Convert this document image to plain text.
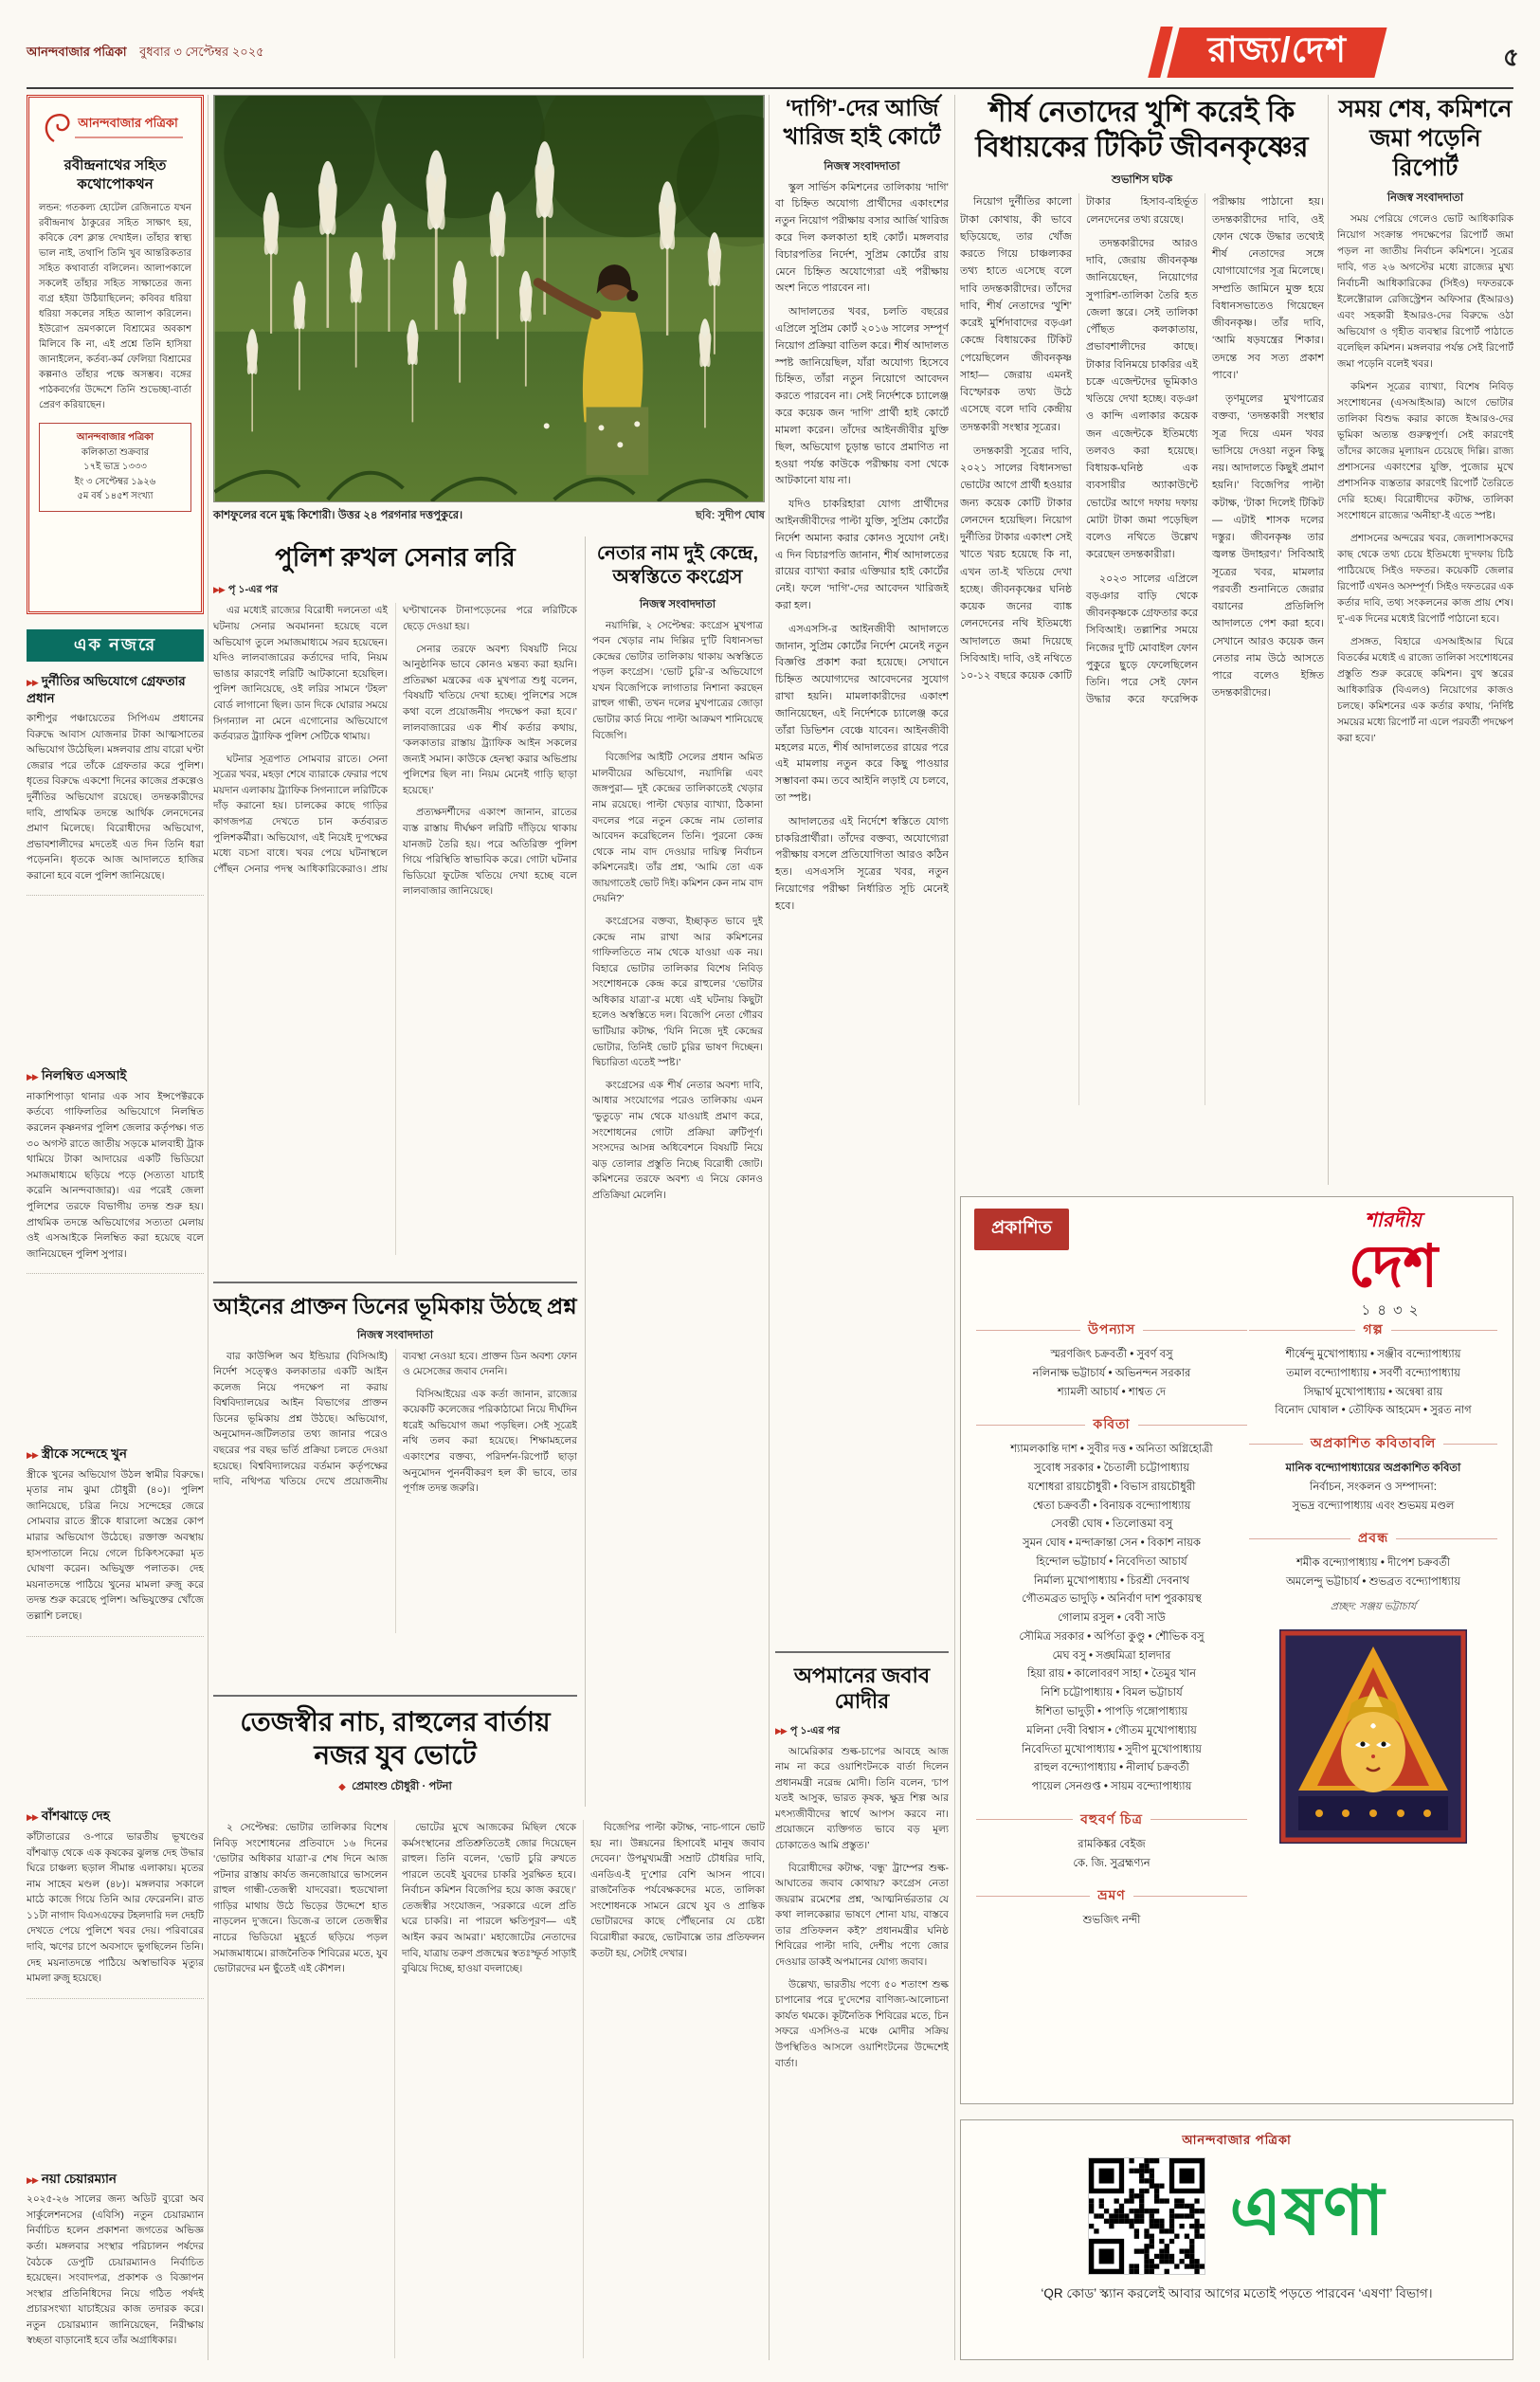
আনন্দবাজার পত্রিকা বুধবার ৩ সেপ্টেম্বর ২০২৫	রাজ্য/দেশ	৫
আনন্দবাজার পত্রিকা
রবীন্দ্রনাথের সহিত কথোপোকথন

লন্ডন: গতকল্য হোটেল রেজিনাতে যখন রবীন্দ্রনাথ ঠাকুরের সহিত সাক্ষাৎ হয়, কবিকে বেশ ক্লান্ত দেখাইল। তাঁহার স্বাস্থ্য ভাল নাই, তথাপি তিনি খুব আন্তরিকতার সহিত কথাবার্তা বলিলেন। আলাপকালে সকলেই তাঁহার সহিত সাক্ষাতের জন্য ব্যগ্র হইয়া উঠিয়াছিলেন; কবিবর ধরিয়া ধরিয়া সকলের সহিত আলাপ করিলেন। ইউরোপ ভ্রমণকালে বিশ্রামের অবকাশ মিলিবে কি না, এই প্রশ্নে তিনি হাসিয়া জানাইলেন, কর্তব্য-কর্ম ফেলিয়া বিশ্রামের কল্পনাও তাঁহার পক্ষে অসম্ভব। বঙ্গের পাঠকবর্গের উদ্দেশে তিনি শুভেচ্ছা-বার্তা প্রেরণ করিয়াছেন।

আনন্দবাজার পত্রিকা
কলিকাতা শুক্রবার
১৭ই ভাদ্র ১৩৩৩
ইং ৩ সেপ্টেম্বর ১৯২৬
৫ম বর্ষ ১৪৫শ সংখ্যা
এক নজরে
▶▶ দুর্নীতির অভিযোগে গ্রেফতার প্রধান

কাশীপুর পঞ্চায়েতের সিপিএম প্রধানের বিরুদ্ধে আবাস যোজনার টাকা আত্মসাতের অভিযোগ উঠেছিল। মঙ্গলবার প্রায় বারো ঘণ্টা জেরার পরে তাঁকে গ্রেফতার করে পুলিশ। ধৃতের বিরুদ্ধে একশো দিনের কাজের প্রকল্পেও দুর্নীতির অভিযোগ রয়েছে। তদন্তকারীদের দাবি, প্রাথমিক তদন্তে আর্থিক লেনদেনের প্রমাণ মিলেছে। বিরোধীদের অভিযোগ, প্রভাবশালীদের মদতেই এত দিন তিনি ধরা পড়েননি। ধৃতকে আজ আদালতে হাজির করানো হবে বলে পুলিশ জানিয়েছে।

▶▶ নিলম্বিত এসআই

নাকাশিপাড়া থানার এক সাব ইন্সপেক্টরকে কর্তব্যে গাফিলতির অভিযোগে নিলম্বিত করলেন কৃষ্ণনগর পুলিশ জেলার কর্তৃপক্ষ। গত ৩০ অগস্ট রাতে জাতীয় সড়কে মালবাহী ট্রাক থামিয়ে টাকা আদায়ের একটি ভিডিয়ো সমাজমাধ্যমে ছড়িয়ে পড়ে (সত্যতা যাচাই করেনি আনন্দবাজার)। এর পরেই জেলা পুলিশের তরফে বিভাগীয় তদন্ত শুরু হয়। প্রাথমিক তদন্তে অভিযোগের সত্যতা মেলায় ওই এসআইকে নিলম্বিত করা হয়েছে বলে জানিয়েছেন পুলিশ সুপার।

▶▶ স্ত্রীকে সন্দেহে খুন

স্ত্রীকে খুনের অভিযোগ উঠল স্বামীর বিরুদ্ধে। মৃতার নাম ঝুমা চৌধুরী (৪০)। পুলিশ জানিয়েছে, চরিত্র নিয়ে সন্দেহের জেরে সোমবার রাতে স্ত্রীকে ধারালো অস্ত্রের কোপ মারার অভিযোগ উঠেছে। রক্তাক্ত অবস্থায় হাসপাতালে নিয়ে গেলে চিকিৎসকেরা মৃত ঘোষণা করেন। অভিযুক্ত পলাতক। দেহ ময়নাতদন্তে পাঠিয়ে খুনের মামলা রুজু করে তদন্ত শুরু করেছে পুলিশ। অভিযুক্তের খোঁজে তল্লাশি চলছে।

▶▶ বাঁশঝাড়ে দেহ

কাঁটাতারের ও-পারে ভারতীয় ভূখণ্ডের বাঁশঝাড় থেকে এক কৃষকের ঝুলন্ত দেহ উদ্ধার ঘিরে চাঞ্চল্য ছড়াল সীমান্ত এলাকায়। মৃতের নাম সাহেব মণ্ডল (৪৮)। মঙ্গলবার সকালে মাঠে কাজে গিয়ে তিনি আর ফেরেননি। রাত ১১টা নাগাদ বিএসএফের টহলদারি দল দেহটি দেখতে পেয়ে পুলিশে খবর দেয়। পরিবারের দাবি, ঋণের চাপে অবসাদে ভুগছিলেন তিনি। দেহ ময়নাতদন্তে পাঠিয়ে অস্বাভাবিক মৃত্যুর মামলা রুজু হয়েছে।

▶▶ নয়া চেয়ারম্যান

২০২৫-২৬ সালের জন্য অডিট ব্যুরো অব সার্কুলেশনসের (এবিসি) নতুন চেয়ারম্যান নির্বাচিত হলেন প্রকাশনা জগতের অভিজ্ঞ কর্তা। মঙ্গলবার সংস্থার পরিচালন পর্ষদের বৈঠকে ডেপুটি চেয়ারম্যানও নির্বাচিত হয়েছেন। সংবাদপত্র, প্রকাশক ও বিজ্ঞাপন সংস্থার প্রতিনিধিদের নিয়ে গঠিত পর্ষদই প্রচারসংখ্যা যাচাইয়ের কাজ তদারক করে। নতুন চেয়ারম্যান জানিয়েছেন, নিরীক্ষায় স্বচ্ছতা বাড়ানোই হবে তাঁর অগ্রাধিকার।

কাশফুলের বনে মুগ্ধ কিশোরী। উত্তর ২৪ পরগনার দত্তপুকুরে।	ছবি: সুদীপ ঘোষ
পুলিশ রুখল সেনার লরি
▶▶ পৃ ১-এর পর
এর মধ্যেই রাজ্যের বিরোধী দলনেতা এই ঘটনায় সেনার অবমাননা হয়েছে বলে অভিযোগ তুলে সমাজমাধ্যমে সরব হয়েছেন। যদিও লালবাজারের কর্তাদের দাবি, নিয়ম ভাঙার কারণেই লরিটি আটকানো হয়েছিল। পুলিশ জানিয়েছে, ওই লরির সামনে ‘টহল’ বোর্ড লাগানো ছিল। ডান দিকে ঘোরার সময়ে সিগন্যাল না মেনে এগোনোর অভিযোগে কর্তব্যরত ট্র্যাফিক পুলিশ সেটিকে থামায়।
ঘটনার সূত্রপাত সোমবার রাতে। সেনা সূত্রের খবর, মহড়া শেষে ব্যারাকে ফেরার পথে ময়দান এলাকায় ট্র্যাফিক সিগন্যালে লরিটিকে দাঁড় করানো হয়। চালকের কাছে গাড়ির কাগজপত্র দেখতে চান কর্তব্যরত পুলিশকর্মীরা। অভিযোগ, এই নিয়েই দু’পক্ষের মধ্যে বচসা বাধে। খবর পেয়ে ঘটনাস্থলে পৌঁছন সেনার পদস্থ আধিকারিকেরাও। প্রায় ঘণ্টাখানেক টানাপড়েনের পরে লরিটিকে ছেড়ে দেওয়া হয়।
সেনার তরফে অবশ্য বিষয়টি নিয়ে আনুষ্ঠানিক ভাবে কোনও মন্তব্য করা হয়নি। প্রতিরক্ষা মন্ত্রকের এক মুখপাত্র শুধু বলেন, ‘বিষয়টি খতিয়ে দেখা হচ্ছে। পুলিশের সঙ্গে কথা বলে প্রয়োজনীয় পদক্ষেপ করা হবে।’ লালবাজারের এক শীর্ষ কর্তার কথায়, ‘কলকাতার রাস্তায় ট্র্যাফিক আইন সকলের জন্যই সমান। কাউকে হেনস্থা করার অভিপ্রায় পুলিশের ছিল না। নিয়ম মেনেই গাড়ি ছাড়া হয়েছে।’
প্রত্যক্ষদর্শীদের একাংশ জানান, রাতের ব্যস্ত রাস্তায় দীর্ঘক্ষণ লরিটি দাঁড়িয়ে থাকায় যানজট তৈরি হয়। পরে অতিরিক্ত পুলিশ গিয়ে পরিস্থিতি স্বাভাবিক করে। গোটা ঘটনার ভিডিয়ো ফুটেজ খতিয়ে দেখা হচ্ছে বলে লালবাজার জানিয়েছে।
আইনের প্রাক্তন ডিনের ভূমিকায় উঠছে প্রশ্ন
নিজস্ব সংবাদদাতা
বার কাউন্সিল অব ইন্ডিয়ার (বিসিআই) নির্দেশ সত্ত্বেও কলকাতার একটি আইন কলেজ নিয়ে পদক্ষেপ না করায় বিশ্ববিদ্যালয়ের আইন বিভাগের প্রাক্তন ডিনের ভূমিকায় প্রশ্ন উঠছে। অভিযোগ, অনুমোদন-জটিলতার তথ্য জানার পরেও বছরের পর বছর ভর্তি প্রক্রিয়া চলতে দেওয়া হয়েছে। বিশ্ববিদ্যালয়ের বর্তমান কর্তৃপক্ষের দাবি, নথিপত্র খতিয়ে দেখে প্রয়োজনীয় ব্যবস্থা নেওয়া হবে। প্রাক্তন ডিন অবশ্য ফোন ও মেসেজের জবাব দেননি।
বিসিআইয়ের এক কর্তা জানান, রাজ্যের কয়েকটি কলেজের পরিকাঠামো নিয়ে দীর্ঘদিন ধরেই অভিযোগ জমা পড়ছিল। সেই সূত্রেই নথি তলব করা হয়েছে। শিক্ষামহলের একাংশের বক্তব্য, পরিদর্শন-রিপোর্ট ছাড়া অনুমোদন পুনর্নবীকরণ হল কী ভাবে, তার পূর্ণাঙ্গ তদন্ত জরুরি।
তেজস্বীর নাচ, রাহুলের বার্তায় নজর যুব ভোটে
◆ প্রেমাংশু চৌধুরী · পটনা
২ সেপ্টেম্বর: ভোটার তালিকার বিশেষ নিবিড় সংশোধনের প্রতিবাদে ১৬ দিনের ‘ভোটার অধিকার যাত্রা’-র শেষ দিনে আজ পটনার রাস্তায় কার্যত জনজোয়ারে ভাসলেন রাহুল গান্ধী-তেজস্বী যাদবেরা। হুডখোলা গাড়ির মাথায় উঠে ভিড়ের উদ্দেশে হাত নাড়লেন দু’জনে। ডিজে-র তালে তেজস্বীর নাচের ভিডিয়ো মুহূর্তে ছড়িয়ে পড়ল সমাজমাধ্যমে। রাজনৈতিক শিবিরের মতে, যুব ভোটারদের মন ছুঁতেই এই কৌশল।
ভোটের মুখে আজকের মিছিল থেকে কর্মসংস্থানের প্রতিশ্রুতিতেই জোর দিয়েছেন রাহুল। তিনি বলেন, ‘ভোট চুরি রুখতে পারলে তবেই যুবদের চাকরি সুরক্ষিত হবে। নির্বাচন কমিশন বিজেপির হয়ে কাজ করছে।’ তেজস্বীর সংযোজন, ‘সরকারে এলে প্রতি ঘরে চাকরি। না পারলে ক্ষতিপূরণ— এই আইন করব আমরা।’ মহাজোটের নেতাদের দাবি, যাত্রায় তরুণ প্রজন্মের স্বতঃস্ফূর্ত সাড়াই বুঝিয়ে দিচ্ছে, হাওয়া বদলাচ্ছে।
বিজেপির পাল্টা কটাক্ষ, ‘নাচ-গানে ভোট হয় না। উন্নয়নের হিসাবেই মানুষ জবাব দেবেন।’ উপমুখ্যমন্ত্রী সম্রাট চৌধরির দাবি, এনডিএ-ই দু’শোর বেশি আসন পাবে। রাজনৈতিক পর্যবেক্ষকদের মতে, তালিকা সংশোধনকে সামনে রেখে যুব ও প্রান্তিক ভোটারদের কাছে পৌঁছনোর যে চেষ্টা বিরোধীরা করছে, ভোটবাক্সে তার প্রতিফলন কতটা হয়, সেটাই দেখার।
নেতার নাম দুই কেন্দ্রে, অস্বস্তিতে কংগ্রেস
নিজস্ব সংবাদদাতা
নয়াদিল্লি, ২ সেপ্টেম্বর: কংগ্রেস মুখপাত্র পবন খেড়ার নাম দিল্লির দু’টি বিধানসভা কেন্দ্রের ভোটার তালিকায় থাকায় অস্বস্তিতে পড়ল কংগ্রেস। ‘ভোট চুরি’-র অভিযোগে যখন বিজেপিকে লাগাতার নিশানা করছেন রাহুল গান্ধী, তখন দলের মুখপাত্রের জোড়া ভোটার কার্ড নিয়ে পাল্টা আক্রমণ শানিয়েছে বিজেপি।
বিজেপির আইটি সেলের প্রধান অমিত মালবীয়ের অভিযোগ, নয়াদিল্লি এবং জঙ্গপুরা— দুই কেন্দ্রের তালিকাতেই খেড়ার নাম রয়েছে। পাল্টা খেড়ার ব্যাখ্যা, ঠিকানা বদলের পরে নতুন কেন্দ্রে নাম তোলার আবেদন করেছিলেন তিনি। পুরনো কেন্দ্র থেকে নাম বাদ দেওয়ার দায়িত্ব নির্বাচন কমিশনেরই। তাঁর প্রশ্ন, ‘আমি তো এক জায়গাতেই ভোট দিই। কমিশন কেন নাম বাদ দেয়নি?’
কংগ্রেসের বক্তব্য, ইচ্ছাকৃত ভাবে দুই কেন্দ্রে নাম রাখা আর কমিশনের গাফিলতিতে নাম থেকে যাওয়া এক নয়। বিহারে ভোটার তালিকার বিশেষ নিবিড় সংশোধনকে কেন্দ্র করে রাহুলের ‘ভোটার অধিকার যাত্রা’-র মধ্যে এই ঘটনায় কিছুটা হলেও অস্বস্তিতে দল। বিজেপি নেতা গৌরব ভাটিয়ার কটাক্ষ, ‘যিনি নিজে দুই কেন্দ্রের ভোটার, তিনিই ভোট চুরির ভাষণ দিচ্ছেন। দ্বিচারিতা এতেই স্পষ্ট।’
কংগ্রেসের এক শীর্ষ নেতার অবশ্য দাবি, আধার সংযোগের পরেও তালিকায় এমন ‘ভুতুড়ে’ নাম থেকে যাওয়াই প্রমাণ করে, সংশোধনের গোটা প্রক্রিয়া ত্রুটিপূর্ণ। সংসদের আসন্ন অধিবেশনে বিষয়টি নিয়ে ঝড় তোলার প্রস্তুতি নিচ্ছে বিরোধী জোট। কমিশনের তরফে অবশ্য এ নিয়ে কোনও প্রতিক্রিয়া মেলেনি।
‘দাগি’-দের আর্জি খারিজ হাই কোর্টে
নিজস্ব সংবাদদাতা
স্কুল সার্ভিস কমিশনের তালিকায় ‘দাগি’ বা চিহ্নিত অযোগ্য প্রার্থীদের একাংশের নতুন নিয়োগ পরীক্ষায় বসার আর্জি খারিজ করে দিল কলকাতা হাই কোর্ট। মঙ্গলবার বিচারপতির নির্দেশ, সুপ্রিম কোর্টের রায় মেনে চিহ্নিত অযোগ্যেরা এই পরীক্ষায় অংশ নিতে পারবেন না।
আদালতের খবর, চলতি বছরের এপ্রিলে সুপ্রিম কোর্ট ২০১৬ সালের সম্পূর্ণ নিয়োগ প্রক্রিয়া বাতিল করে। শীর্ষ আদালত স্পষ্ট জানিয়েছিল, যাঁরা অযোগ্য হিসেবে চিহ্নিত, তাঁরা নতুন নিয়োগে আবেদন করতে পারবেন না। সেই নির্দেশকে চ্যালেঞ্জ করে কয়েক জন ‘দাগি’ প্রার্থী হাই কোর্টে মামলা করেন। তাঁদের আইনজীবীর যুক্তি ছিল, অভিযোগ চূড়ান্ত ভাবে প্রমাণিত না হওয়া পর্যন্ত কাউকে পরীক্ষায় বসা থেকে আটকানো যায় না।
যদিও চাকরিহারা যোগ্য প্রার্থীদের আইনজীবীদের পাল্টা যুক্তি, সুপ্রিম কোর্টের নির্দেশ অমান্য করার কোনও সুযোগ নেই। এ দিন বিচারপতি জানান, শীর্ষ আদালতের রায়ের ব্যাখ্যা করার এক্তিয়ার হাই কোর্টের নেই। ফলে ‘দাগি’-দের আবেদন খারিজই করা হল।
এসএসসি-র আইনজীবী আদালতে জানান, সুপ্রিম কোর্টের নির্দেশ মেনেই নতুন বিজ্ঞপ্তি প্রকাশ করা হয়েছে। সেখানে চিহ্নিত অযোগ্যদের আবেদনের সুযোগ রাখা হয়নি। মামলাকারীদের একাংশ জানিয়েছেন, এই নির্দেশকে চ্যালেঞ্জ করে তাঁরা ডিভিশন বেঞ্চে যাবেন। আইনজীবী মহলের মতে, শীর্ষ আদালতের রায়ের পরে এই মামলায় নতুন করে কিছু পাওয়ার সম্ভাবনা কম। তবে আইনি লড়াই যে চলবে, তা স্পষ্ট।
আদালতের এই নির্দেশে স্বস্তিতে যোগ্য চাকরিপ্রার্থীরা। তাঁদের বক্তব্য, অযোগ্যেরা পরীক্ষায় বসলে প্রতিযোগিতা আরও কঠিন হত। এসএসসি সূত্রের খবর, নতুন নিয়োগের পরীক্ষা নির্ধারিত সূচি মেনেই হবে।
অপমানের জবাব মোদীর
▶▶ পৃ ১-এর পর
আমেরিকার শুল্ক-চাপের আবহে আজ নাম না করে ওয়াশিংটনকে বার্তা দিলেন প্রধানমন্ত্রী নরেন্দ্র মোদী। তিনি বলেন, ‘চাপ যতই আসুক, ভারত কৃষক, ক্ষুদ্র শিল্প আর মৎস্যজীবীদের স্বার্থে আপস করবে না। প্রয়োজনে ব্যক্তিগত ভাবে বড় মূল্য চোকাতেও আমি প্রস্তুত।’
বিরোধীদের কটাক্ষ, ‘বন্ধু’ ট্রাম্পের শুল্ক-আঘাতের জবাব কোথায়? কংগ্রেস নেতা জয়রাম রমেশের প্রশ্ন, ‘আত্মনির্ভরতার যে কথা লালকেল্লার ভাষণে শোনা যায়, বাস্তবে তার প্রতিফলন কই?’ প্রধানমন্ত্রীর ঘনিষ্ঠ শিবিরের পাল্টা দাবি, দেশীয় পণ্যে জোর দেওয়ার ডাকই অপমানের যোগ্য জবাব।
উল্লেখ্য, ভারতীয় পণ্যে ৫০ শতাংশ শুল্ক চাপানোর পরে দু’দেশের বাণিজ্য-আলোচনা কার্যত থমকে। কূটনৈতিক শিবিরের মতে, চিন সফরে এসসিও-র মঞ্চে মোদীর সক্রিয় উপস্থিতিও আসলে ওয়াশিংটনের উদ্দেশেই বার্তা।
শীর্ষ নেতাদের খুশি করেই কি বিধায়কের টিকিট জীবনকৃষ্ণের
শুভাশিস ঘটক
নিয়োগ দুর্নীতির কালো টাকা কোথায়, কী ভাবে ছড়িয়েছে, তার খোঁজ করতে গিয়ে চাঞ্চল্যকর তথ্য হাতে এসেছে বলে দাবি তদন্তকারীদের। তাঁদের দাবি, শীর্ষ নেতাদের ‘খুশি’ করেই মুর্শিদাবাদের বড়ঞা কেন্দ্রে বিধায়কের টিকিট পেয়েছিলেন জীবনকৃষ্ণ সাহা— জেরায় এমনই বিস্ফোরক তথ্য উঠে এসেছে বলে দাবি কেন্দ্রীয় তদন্তকারী সংস্থার সূত্রের।
তদন্তকারী সূত্রের দাবি, ২০২১ সালের বিধানসভা ভোটের আগে প্রার্থী হওয়ার জন্য কয়েক কোটি টাকার লেনদেন হয়েছিল। নিয়োগ দুর্নীতির টাকার একাংশ সেই খাতে খরচ হয়েছে কি না, এখন তা-ই খতিয়ে দেখা হচ্ছে। জীবনকৃষ্ণের ঘনিষ্ঠ কয়েক জনের ব্যাঙ্ক লেনদেনের নথি ইতিমধ্যে আদালতে জমা দিয়েছে সিবিআই। দাবি, ওই নথিতে ১০-১২ বছরে কয়েক কোটি টাকার হিসাব-বহির্ভূত লেনদেনের তথ্য রয়েছে।
তদন্তকারীদের আরও দাবি, জেরায় জীবনকৃষ্ণ জানিয়েছেন, নিয়োগের সুপারিশ-তালিকা তৈরি হত জেলা স্তরে। সেই তালিকা পৌঁছত কলকাতায়, প্রভাবশালীদের কাছে। টাকার বিনিময়ে চাকরির এই চক্রে এজেন্টদের ভূমিকাও খতিয়ে দেখা হচ্ছে। বড়ঞা ও কান্দি এলাকার কয়েক জন এজেন্টকে ইতিমধ্যে তলবও করা হয়েছে। বিধায়ক-ঘনিষ্ঠ এক ব্যবসায়ীর অ্যাকাউন্টে ভোটের আগে দফায় দফায় মোটা টাকা জমা পড়েছিল বলেও নথিতে উল্লেখ করেছেন তদন্তকারীরা।
২০২৩ সালের এপ্রিলে বড়ঞার বাড়ি থেকে জীবনকৃষ্ণকে গ্রেফতার করে সিবিআই। তল্লাশির সময়ে নিজের দু’টি মোবাইল ফোন পুকুরে ছুড়ে ফেলেছিলেন তিনি। পরে সেই ফোন উদ্ধার করে ফরেন্সিক পরীক্ষায় পাঠানো হয়। তদন্তকারীদের দাবি, ওই ফোন থেকে উদ্ধার তথ্যেই শীর্ষ নেতাদের সঙ্গে যোগাযোগের সূত্র মিলেছে। সম্প্রতি জামিনে মুক্ত হয়ে বিধানসভাতেও গিয়েছেন জীবনকৃষ্ণ। তাঁর দাবি, ‘আমি ষড়যন্ত্রের শিকার। তদন্তে সব সত্য প্রকাশ পাবে।’
তৃণমূলের মুখপাত্রের বক্তব্য, ‘তদন্তকারী সংস্থার সূত্র দিয়ে এমন খবর ভাসিয়ে দেওয়া নতুন কিছু নয়। আদালতে কিছুই প্রমাণ হয়নি।’ বিজেপির পাল্টা কটাক্ষ, ‘টাকা দিলেই টিকিট— এটাই শাসক দলের দস্তুর। জীবনকৃষ্ণ তার জ্বলন্ত উদাহরণ।’ সিবিআই সূত্রের খবর, মামলার পরবর্তী শুনানিতে জেরার বয়ানের প্রতিলিপি আদালতে পেশ করা হবে। সেখানে আরও কয়েক জন নেতার নাম উঠে আসতে পারে বলেও ইঙ্গিত তদন্তকারীদের।
সময় শেষ, কমিশনে জমা পড়েনি রিপোর্ট
নিজস্ব সংবাদদাতা
সময় পেরিয়ে গেলেও ভোট আধিকারিক নিয়োগ সংক্রান্ত পদক্ষেপের রিপোর্ট জমা পড়ল না জাতীয় নির্বাচন কমিশনে। সূত্রের দাবি, গত ২৬ অগস্টের মধ্যে রাজ্যের মুখ্য নির্বাচনী আধিকারিকের (সিইও) দফতরকে ইলেক্টোরাল রেজিস্ট্রেশন অফিসার (ইআরও) এবং সহকারী ইআরও-দের বিরুদ্ধে ওঠা অভিযোগ ও গৃহীত ব্যবস্থার রিপোর্ট পাঠাতে বলেছিল কমিশন। মঙ্গলবার পর্যন্ত সেই রিপোর্ট জমা পড়েনি বলেই খবর।
কমিশন সূত্রের ব্যাখ্যা, বিশেষ নিবিড় সংশোধনের (এসআইআর) আগে ভোটার তালিকা বিশুদ্ধ করার কাজে ইআরও-দের ভূমিকা অত্যন্ত গুরুত্বপূর্ণ। সেই কারণেই তাঁদের কাজের মূল্যায়ন চেয়েছে দিল্লি। রাজ্য প্রশাসনের একাংশের যুক্তি, পুজোর মুখে প্রশাসনিক ব্যস্ততার কারণেই রিপোর্ট তৈরিতে দেরি হচ্ছে। বিরোধীদের কটাক্ষ, তালিকা সংশোধনে রাজ্যের ‘অনীহা’-ই এতে স্পষ্ট।
প্রশাসনের অন্দরের খবর, জেলাশাসকদের কাছ থেকে তথ্য চেয়ে ইতিমধ্যে দু’দফায় চিঠি পাঠিয়েছে সিইও দফতর। কয়েকটি জেলার রিপোর্ট এখনও অসম্পূর্ণ। সিইও দফতরের এক কর্তার দাবি, তথ্য সংকলনের কাজ প্রায় শেষ। দু’-এক দিনের মধ্যেই রিপোর্ট পাঠানো হবে।
প্রসঙ্গত, বিহারে এসআইআর ঘিরে বিতর্কের মধ্যেই এ রাজ্যে তালিকা সংশোধনের প্রস্তুতি শুরু করেছে কমিশন। বুথ স্তরের আধিকারিক (বিএলও) নিয়োগের কাজও চলছে। কমিশনের এক কর্তার কথায়, ‘নির্দিষ্ট সময়ের মধ্যে রিপোর্ট না এলে পরবর্তী পদক্ষেপ করা হবে।’
প্রকাশিত	শারদীয়
দেশ
১৪৩২
উপন্যাস
স্মরণজিৎ চক্রবর্তী • সুবর্ণ বসু
নলিনাক্ষ ভট্টাচার্য • অভিনন্দন সরকার
শ্যামলী আচার্য • শাশ্বত দে
কবিতা
শ্যামলকান্তি দাশ • সুবীর দত্ত • অনিতা অগ্নিহোত্রী
সুবোধ সরকার • চৈতালী চট্টোপাধ্যায়
যশোধরা রায়চৌধুরী • বিভাস রায়চৌধুরী
শ্বেতা চক্রবর্তী • বিনায়ক বন্দ্যোপাধ্যায়
সেবন্তী ঘোষ • তিলোত্তমা বসু
সুমন ঘোষ • মন্দাক্রান্তা সেন • বিকাশ নায়ক
হিন্দোল ভট্টাচার্য • নিবেদিতা আচার্য
নির্মাল্য মুখোপাধ্যায় • চিরশ্রী দেবনাথ
গৌতমব্রত ভাদুড়ি • অনির্বাণ দাশ পুরকায়স্থ
গোলাম রসুল • বেবী সাউ
সৌমিত্র সরকার • অর্পিতা কুণ্ডু • শৌভিক বসু
মেঘ বসু • সঙ্ঘমিত্রা হালদার
হিয়া রায় • কালোবরণ সাহা • তৈমুর খান
নিশি চট্টোপাধ্যায় • বিমল ভট্টাচার্য
ঈশিতা ভাদুড়ী • পাপড়ি গঙ্গোপাধ্যায়
মলিনা দেবী বিশ্বাস • গৌতম মুখোপাধ্যায়
নিবেদিতা মুখোপাধ্যায় • সুদীপ মুখোপাধ্যায়
রাহুল বন্দ্যোপাধ্যায় • নীলার্ঘ চক্রবর্তী
পায়েল সেনগুপ্ত • সায়ম বন্দ্যোপাধ্যায়
বহুবর্ণ চিত্র
রামকিঙ্কর বেইজ
কে. জি. সুব্রহ্মণ্যন
ভ্রমণ
শুভজিৎ নন্দী
গল্প
শীর্ষেন্দু মুখোপাধ্যায় • সঞ্জীব বন্দ্যোপাধ্যায়
তমাল বন্দ্যোপাধ্যায় • সবর্ণী বন্দ্যোপাধ্যায়
সিদ্ধার্থ মুখোপাধ্যায় • অন্বেষা রায়
বিনোদ ঘোষাল • তৌফিক আহমেদ • সুরত নাগ
অপ্রকাশিত কবিতাবলি
মানিক বন্দ্যোপাধ্যায়ের অপ্রকাশিত কবিতা
নির্বাচন, সংকলন ও সম্পাদনা:
সুভদ্র বন্দ্যোপাধ্যায় এবং শুভময় মণ্ডল
প্রবন্ধ
শমীক বন্দ্যোপাধ্যায় • দীপেশ চক্রবর্তী
অমলেন্দু ভট্টাচার্য • শুভব্রত বন্দ্যোপাধ্যায়
প্রচ্ছদ: সঞ্জয় ভট্টাচার্য
আনন্দবাজার পত্রিকা
এষণা

‘QR কোড’ স্ক্যান করলেই আবার আগের মতোই পড়তে পারবেন ‘এষণা’ বিভাগ।
